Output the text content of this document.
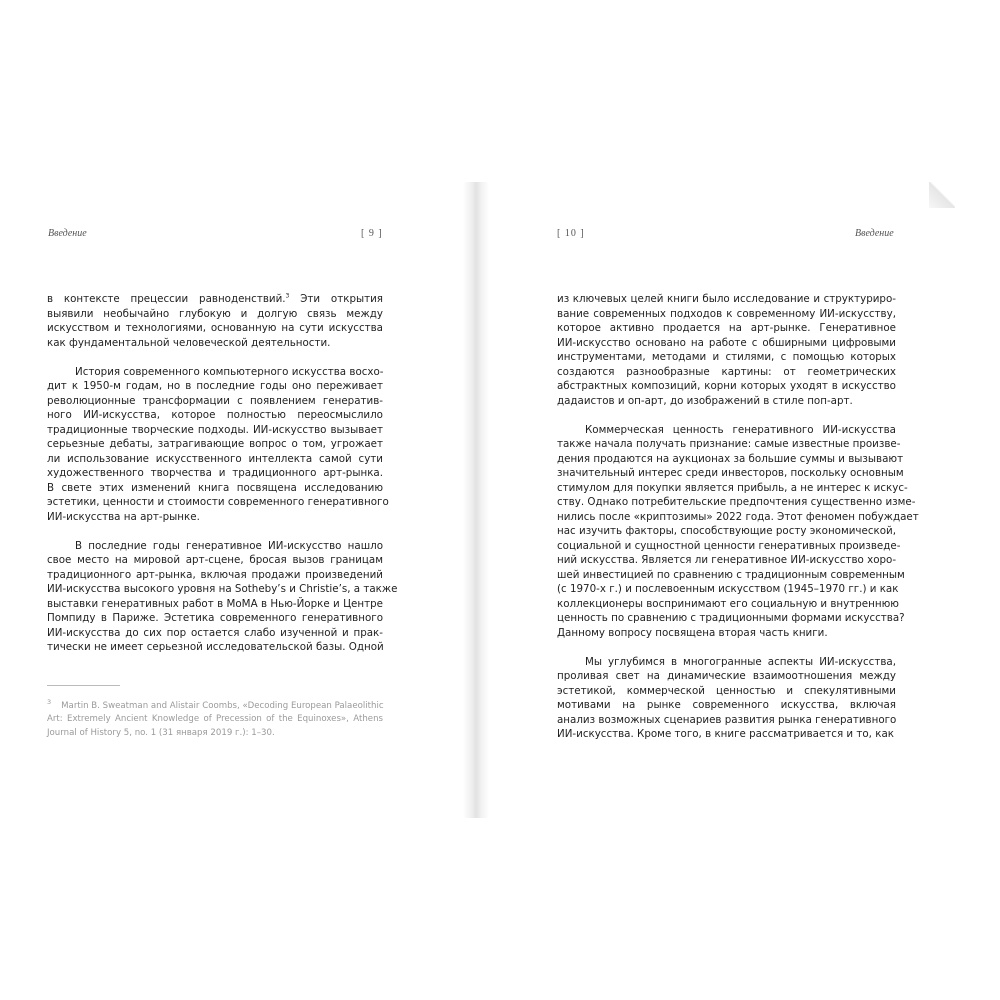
Введение	[ 9 ]	[ 10 ]	Введение

в контексте прецессии равноденствий.$^3$ Эти открытия
выявили необычайно глубокую и долгую связь между
искусством и технологиями, основанную на сути искусства
как фундаментальной человеческой деятельности.

История современного компьютерного искусства восхо-
дит к 1950-м годам, но в последние годы оно переживает
революционные трансформации с появлением генератив-
ного ИИ-искусства, которое полностью переосмыслило
традиционные творческие подходы. ИИ-искусство вызывает
серьезные дебаты, затрагивающие вопрос о том, угрожает
ли использование искусственного интеллекта самой сути
художественного творчества и традиционного арт-рынка.
В свете этих изменений книга посвящена исследованию
эстетики, ценности и стоимости современного генеративного
ИИ-искусства на арт-рынке.

В последние годы генеративное ИИ-искусство нашло
свое место на мировой арт-сцене, бросая вызов границам
традиционного арт-рынка, включая продажи произведений
ИИ-искусства высокого уровня на Sotheby’s и Christie’s, а также
выставки генеративных работ в MoMA в Нью-Йорке и Центре
Помпиду в Париже. Эстетика современного генеративного
ИИ-искусства до сих пор остается слабо изученной и прак-
тически не имеет серьезной исследовательской базы. Одной

$^3$ Martin B. Sweatman and Alistair Coombs, «Decoding European Palaeolithic
Art: Extremely Ancient Knowledge of Precession of the Equinoxes», Athens
Journal of History 5, no. 1 (31 января 2019 г.): 1–30.

из ключевых целей книги было исследование и структуриро-
вание современных подходов к современному ИИ-искусству,
которое активно продается на арт-рынке. Генеративное
ИИ-искусство основано на работе с обширными цифровыми
инструментами, методами и стилями, с помощью которых
создаются разнообразные картины: от геометрических
абстрактных композиций, корни которых уходят в искусство
дадаистов и оп-арт, до изображений в стиле поп-арт.

Коммерческая ценность генеративного ИИ-искусства
также начала получать признание: самые известные произве-
дения продаются на аукционах за большие суммы и вызывают
значительный интерес среди инвесторов, поскольку основным
стимулом для покупки является прибыль, а не интерес к искус-
ству. Однако потребительские предпочтения существенно изме-
нились после «криптозимы» 2022 года. Этот феномен побуждает
нас изучить факторы, способствующие росту экономической,
социальной и сущностной ценности генеративных произведе-
ний искусства. Является ли генеративное ИИ-искусство хоро-
шей инвестицией по сравнению с традиционным современным
(с 1970-х г.) и послевоенным искусством (1945–1970 гг.) и как
коллекционеры воспринимают его социальную и внутреннюю
ценность по сравнению с традиционными формами искусства?
Данному вопросу посвящена вторая часть книги.

Мы углубимся в многогранные аспекты ИИ-искусства,
проливая свет на динамические взаимоотношения между
эстетикой, коммерческой ценностью и спекулятивными
мотивами на рынке современного искусства, включая
анализ возможных сценариев развития рынка генеративного
ИИ-искусства. Кроме того, в книге рассматривается и то, как
